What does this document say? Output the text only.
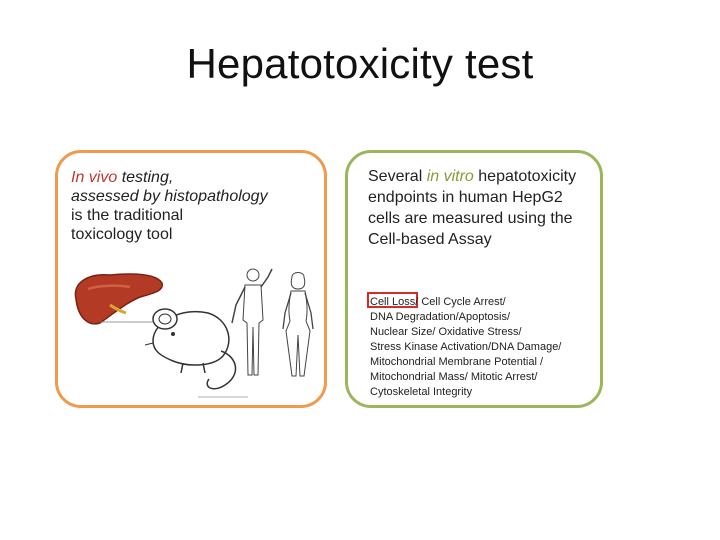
Hepatotoxicity test
In vivo testing,
assessed by histopathology
is the traditional
toxicology tool
Several in vitro hepatotoxicity endpoints in human HepG2 cells are measured using the Cell-based Assay
Cell Loss/ Cell Cycle Arrest/
DNA Degradation/Apoptosis/
Nuclear Size/ Oxidative Stress/
Stress Kinase Activation/DNA Damage/
Mitochondrial Membrane Potential /
Mitochondrial Mass/ Mitotic Arrest/
Cytoskeletal Integrity
